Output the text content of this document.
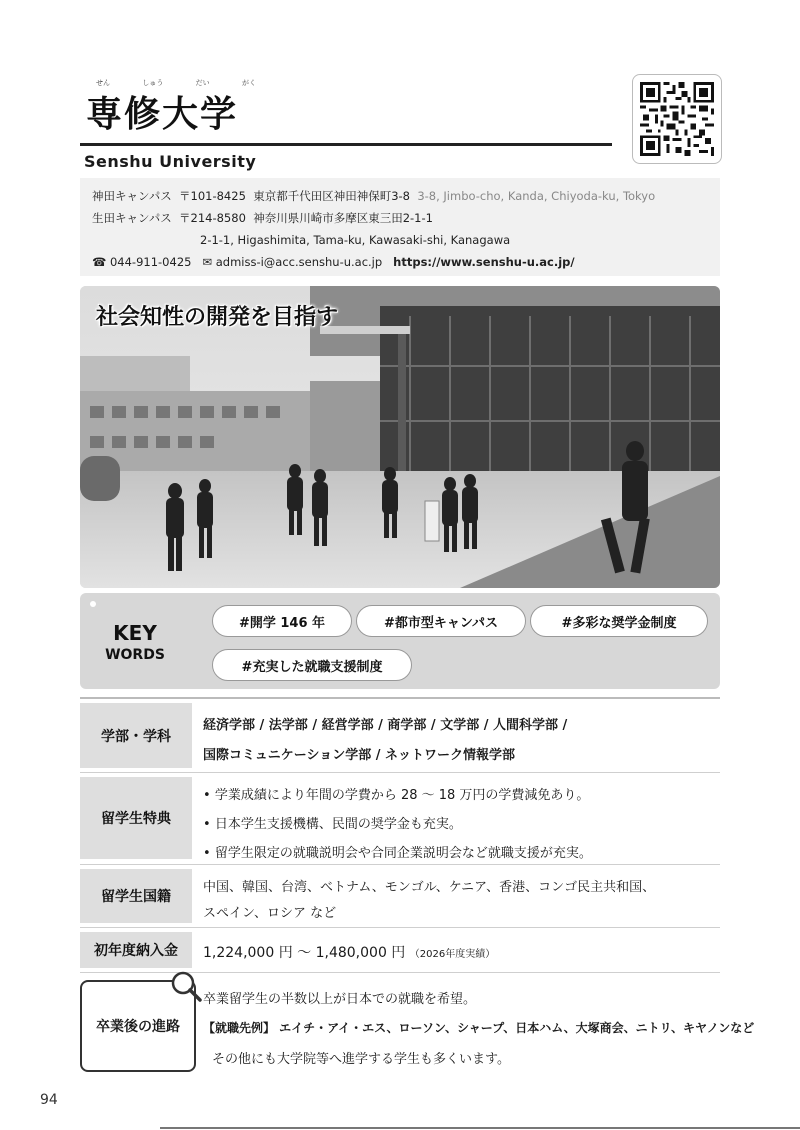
せん	しゅう	だい	がく
専修大学
Senshu University
神田キャンパス 〒101-8425 東京都千代田区神田神保町3-8 3-8, Jimbo-cho, Kanda, Chiyoda-ku, Tokyo
生田キャンパス 〒214-8580 神奈川県川崎市多摩区東三田2-1-1
2-1-1, Higashimita, Tama-ku, Kawasaki-shi, Kanagawa
☎ 044-911-0425 ✉ admiss-i@acc.senshu-u.ac.jp https://www.senshu-u.ac.jp/
社会知性の開発を目指す
KEY
WORDS
#開学 146 年	#都市型キャンパス	#多彩な奨学金制度
#充実した就職支援制度
学部・学科
経済学部 / 法学部 / 経営学部 / 商学部 / 文学部 / 人間科学部 /
国際コミュニケーション学部 / ネットワーク情報学部
留学生特典
• 学業成績により年間の学費から 28 ～ 18 万円の学費減免あり。
• 日本学生支援機構、民間の奨学金も充実。
• 留学生限定の就職説明会や合同企業説明会など就職支援が充実。
留学生国籍
中国、韓国、台湾、ベトナム、モンゴル、ケニア、香港、コンゴ民主共和国、
スペイン、ロシア など
初年度納入金	1,224,000 円 ～ 1,480,000 円 （2026年度実績）
卒業後の進路
卒業留学生の半数以上が日本での就職を希望。
【就職先例】 エイチ・アイ・エス、ローソン、シャープ、日本ハム、大塚商会、ニトリ、キヤノンなど
その他にも大学院等へ進学する学生も多くいます。
94
